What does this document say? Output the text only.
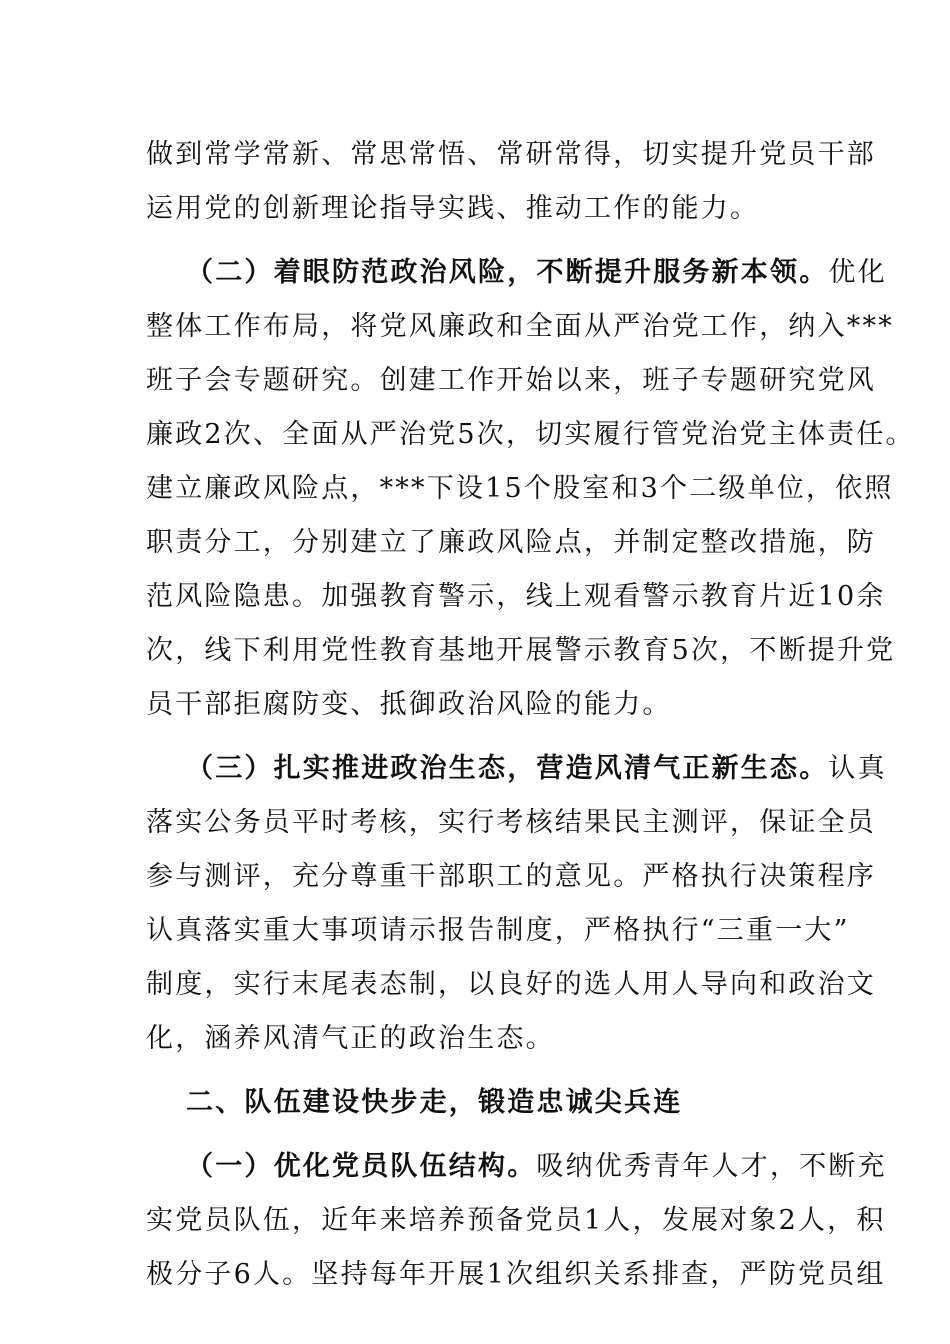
做到常学常新、常思常悟、常研常得，切实提升党员干部
运用党的创新理论指导实践、推动工作的能力。
（二）着眼防范政治风险，不断提升服务新本领。优化
整体工作布局，将党风廉政和全面从严治党工作，纳入***
班子会专题研究。创建工作开始以来，班子专题研究党风
廉政2次、全面从严治党5次，切实履行管党治党主体责任。
建立廉政风险点，***下设15个股室和3个二级单位，依照
职责分工，分别建立了廉政风险点，并制定整改措施，防
范风险隐患。加强教育警示，线上观看警示教育片近10余
次，线下利用党性教育基地开展警示教育5次，不断提升党
员干部拒腐防变、抵御政治风险的能力。
（三）扎实推进政治生态，营造风清气正新生态。认真
落实公务员平时考核，实行考核结果民主测评，保证全员
参与测评，充分尊重干部职工的意见。严格执行决策程序
认真落实重大事项请示报告制度，严格执行“三重一大”
制度，实行末尾表态制，以良好的选人用人导向和政治文
化，涵养风清气正的政治生态。
二、队伍建设快步走，锻造忠诚尖兵连
（一）优化党员队伍结构。吸纳优秀青年人才，不断充
实党员队伍，近年来培养预备党员1人，发展对象2人，积
极分子6人。坚持每年开展1次组织关系排查，严防党员组
